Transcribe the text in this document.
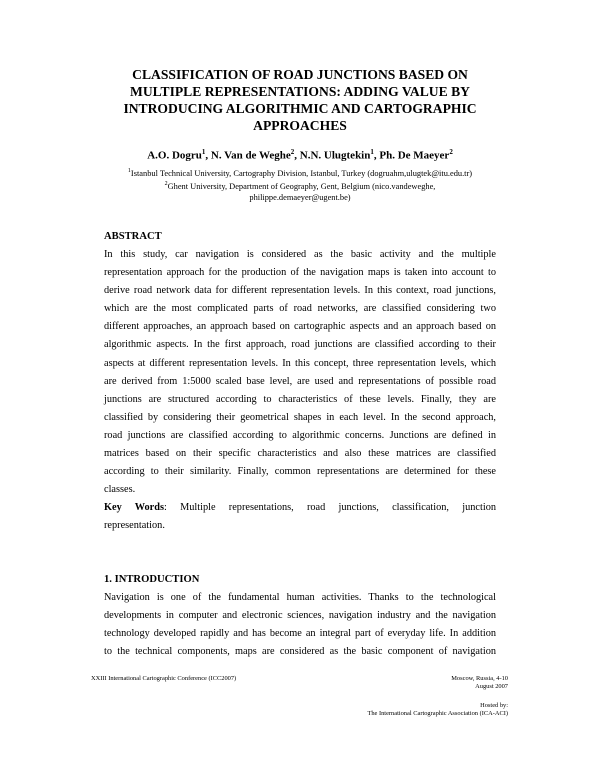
CLASSIFICATION OF ROAD JUNCTIONS BASED ON
MULTIPLE REPRESENTATIONS: ADDING VALUE BY
INTRODUCING ALGORITHMIC AND CARTOGRAPHIC
APPROACHES
A.O. Dogru$^1$, N. Van de Weghe$^2$, N.N. Ulugtekin$^1$, Ph. De Maeyer$^2$
$^1$Istanbul Technical University, Cartography Division, Istanbul, Turkey (dogruahm,ulugtek@itu.edu.tr)
$^2$Ghent University, Department of Geography, Gent, Belgium (nico.vandeweghe,
philippe.demaeyer@ugent.be)
ABSTRACT
In this study, car navigation is considered as the basic activity and the multiple
representation approach for the production of the navigation maps is taken into account to
derive road network data for different representation levels. In this context, road junctions,
which are the most complicated parts of road networks, are classified considering two
different approaches, an approach based on cartographic aspects and an approach based on
algorithmic aspects. In the first approach, road junctions are classified according to their
aspects at different representation levels. In this concept, three representation levels, which
are derived from 1:5000 scaled base level, are used and representations of possible road
junctions are structured according to characteristics of these levels. Finally, they are
classified by considering their geometrical shapes in each level. In the second approach,
road junctions are classified according to algorithmic concerns. Junctions are defined in
matrices based on their specific characteristics and also these matrices are classified
according to their similarity. Finally, common representations are determined for these
classes.
Key Words: Multiple representations, road junctions, classification, junction
representation.
1. INTRODUCTION
Navigation is one of the fundamental human activities. Thanks to the technological
developments in computer and electronic sciences, navigation industry and the navigation
technology developed rapidly and has become an integral part of everyday life. In addition
to the technical components, maps are considered as the basic component of navigation
XXIII International Cartographic Conference (ICC2007)	Moscow, Russia, 4-10
August 2007
Hosted by:
The International Cartographic Association (ICA-ACI)
